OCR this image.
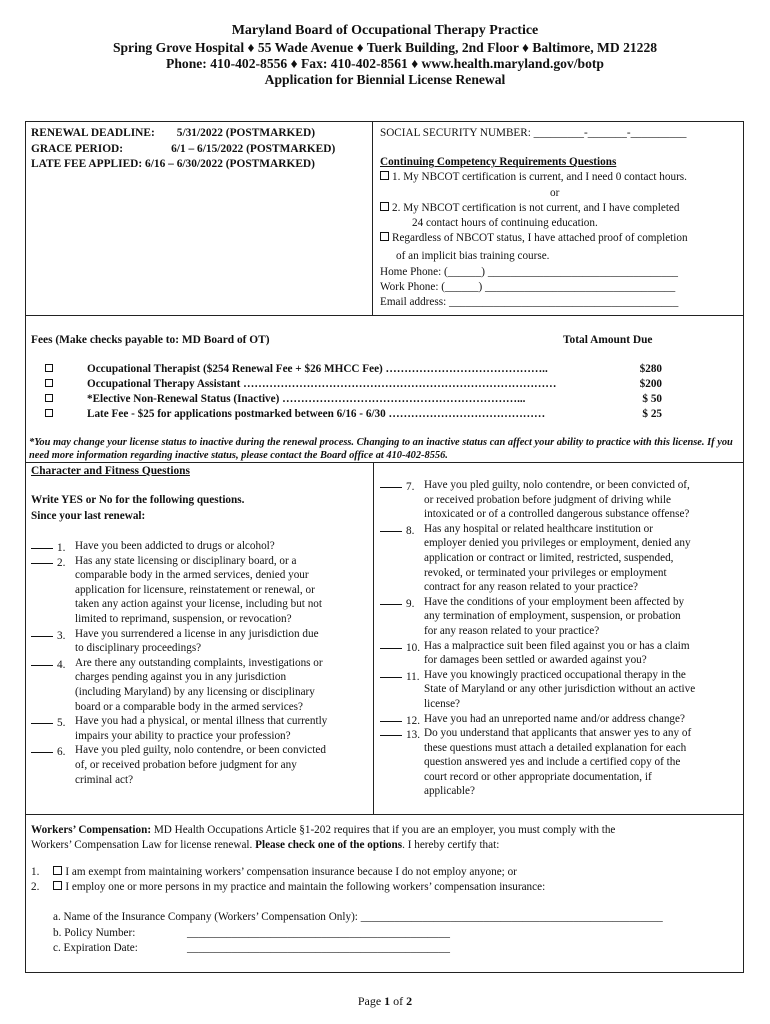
Maryland Board of Occupational Therapy Practice
Spring Grove Hospital ♦ 55 Wade Avenue ♦ Tuerk Building, 2nd Floor ♦ Baltimore, MD 21228
Phone: 410-402-8556 ♦ Fax: 410-402-8561 ♦ www.health.maryland.gov/botp
Application for Biennial License Renewal
RENEWAL DEADLINE: 5/31/2022 (POSTMARKED)
GRACE PERIOD:	6/1 – 6/15/2022 (POSTMARKED)
LATE FEE APPLIED: 6/16 – 6/30/2022 (POSTMARKED)
SOCIAL SECURITY NUMBER: _________-_______-__________
Continuing Competency Requirements Questions
1. My NBCOT certification is current, and I need 0 contact hours.
or
2. My NBCOT certification is not current, and I have completed
24 contact hours of continuing education.
Regardless of NBCOT status, I have attached proof of completion
of an implicit bias training course.
Home Phone: (______) __________________________________
Work Phone: (______) __________________________________
Email address: _________________________________________
Fees (Make checks payable to: MD Board of OT)	Total Amount Due
Occupational Therapist ($254 Renewal Fee + $26 MHCC Fee) ……………………………………..	$280
Occupational Therapy Assistant …………………………………………………………………………	$200
*Elective Non-Renewal Status (Inactive) ………………………………………………………...	$ 50
Late Fee - $25 for applications postmarked between 6/16 - 6/30 ……………………………………	$ 25
*You may change your license status to inactive during the renewal process. Changing to an inactive status can affect your ability to practice with this license. If you need more information regarding inactive status, please contact the Board office at 410-402-8556.
Character and Fitness Questions
Write YES or No for the following questions.
Since your last renewal:
1. Have you been addicted to drugs or alcohol?
2. Has any state licensing or disciplinary board, or a
comparable body in the armed services, denied your
application for licensure, reinstatement or renewal, or
taken any action against your license, including but not
limited to reprimand, suspension, or revocation?
3. Have you surrendered a license in any jurisdiction due
to disciplinary proceedings?
4. Are there any outstanding complaints, investigations or
charges pending against you in any jurisdiction
(including Maryland) by any licensing or disciplinary
board or a comparable body in the armed services?
5. Have you had a physical, or mental illness that currently
impairs your ability to practice your profession?
6. Have you pled guilty, nolo contendre, or been convicted
of, or received probation before judgment for any
criminal act?
7. Have you pled guilty, nolo contendre, or been convicted of,
or received probation before judgment of driving while
intoxicated or of a controlled dangerous substance offense?
8. Has any hospital or related healthcare institution or
employer denied you privileges or employment, denied any
application or contract or limited, restricted, suspended,
revoked, or terminated your privileges or employment
contract for any reason related to your practice?
9. Have the conditions of your employment been affected by
any termination of employment, suspension, or probation
for any reason related to your practice?
10. Has a malpractice suit been filed against you or has a claim
for damages been settled or awarded against you?
11. Have you knowingly practiced occupational therapy in the
State of Maryland or any other jurisdiction without an active
license?
12. Have you had an unreported name and/or address change?
13. Do you understand that applicants that answer yes to any of
these questions must attach a detailed explanation for each
question answered yes and include a certified copy of the
court record or other appropriate documentation, if
applicable?
Workers’ Compensation: MD Health Occupations Article §1-202 requires that if you are an employer, you must comply with the
Workers’ Compensation Law for license renewal. Please check one of the options. I hereby certify that:
1. I am exempt from maintaining workers’ compensation insurance because I do not employ anyone; or
2. I employ one or more persons in my practice and maintain the following workers’ compensation insurance:
a. Name of the Insurance Company (Workers’ Compensation Only): ______________________________________________________
b. Policy Number:	_______________________________________________
c. Expiration Date:	_______________________________________________
Page 1 of 2
